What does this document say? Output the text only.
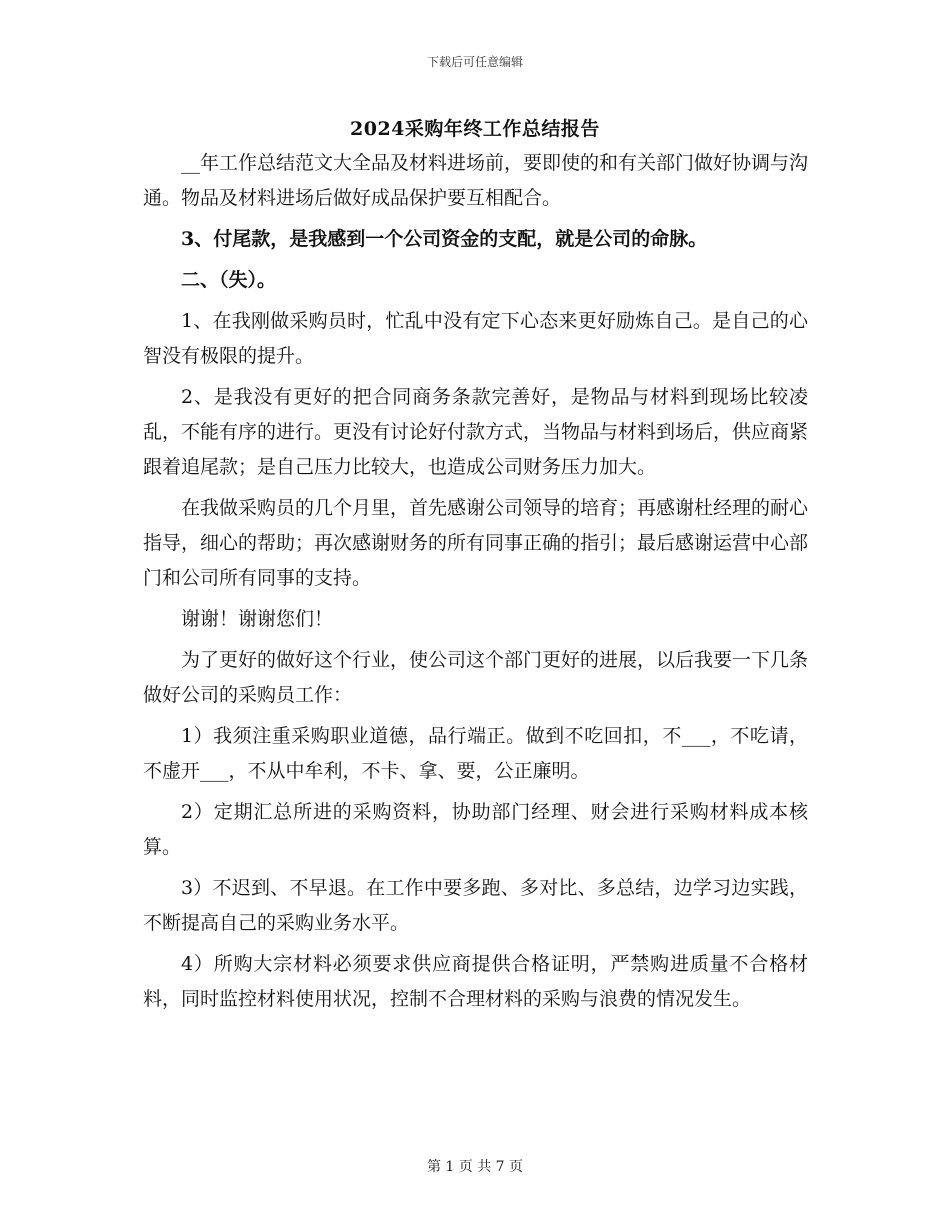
下载后可任意编辑
2024采购年终工作总结报告

__年工作总结范文大全品及材料进场前，要即使的和有关部门做好协调与沟通。物品及材料进场后做好成品保护要互相配合。

3、付尾款，是我感到一个公司资金的支配，就是公司的命脉。

二、（失）。

1、在我刚做采购员时，忙乱中没有定下心态来更好励炼自己。是自己的心智没有极限的提升。

2、是我没有更好的把合同商务条款完善好，是物品与材料到现场比较凌乱，不能有序的进行。更没有讨论好付款方式，当物品与材料到场后，供应商紧跟着追尾款；是自己压力比较大，也造成公司财务压力加大。

在我做采购员的几个月里，首先感谢公司领导的培育；再感谢杜经理的耐心指导，细心的帮助；再次感谢财务的所有同事正确的指引；最后感谢运营中心部门和公司所有同事的支持。

谢谢！谢谢您们！

为了更好的做好这个行业，使公司这个部门更好的进展，以后我要一下几条做好公司的采购员工作：

1）我须注重采购职业道德，品行端正。做到不吃回扣，不___，不吃请，不虚开___，不从中牟利，不卡、拿、要，公正廉明。

2）定期汇总所进的采购资料，协助部门经理、财会进行采购材料成本核算。

3）不迟到、不早退。在工作中要多跑、多对比、多总结，边学习边实践，不断提高自己的采购业务水平。

4）所购大宗材料必须要求供应商提供合格证明，严禁购进质量不合格材料，同时监控材料使用状况，控制不合理材料的采购与浪费的情况发生。

第 1 页 共 7 页
